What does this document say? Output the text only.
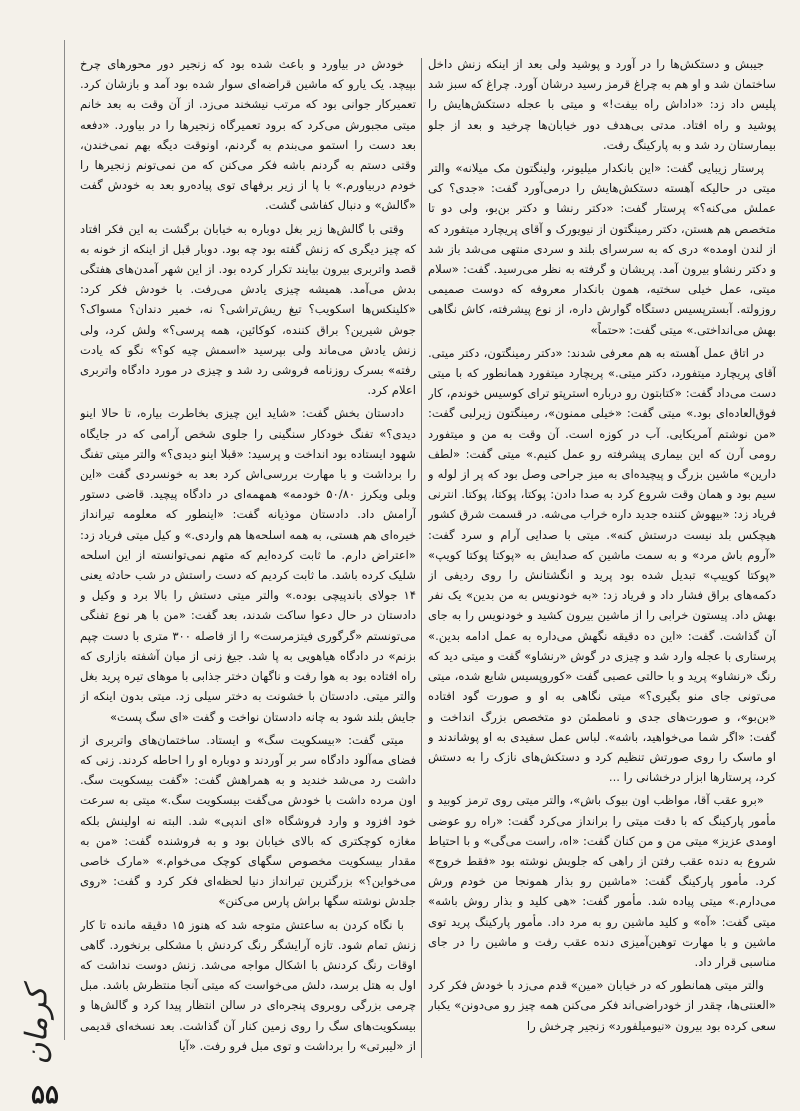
جیبش و دستکش‌ها را در آورد و پوشید ولی بعد از اینکه زنش داخل ساختمان شد و او هم به چراغ قرمز رسید درشان آورد. چراغ که سبز شد پلیس داد زد: «داداش راه بیفت!» و میتی با عجله دستکش‌هایش را پوشید و راه افتاد. مدتی بی‌هدف دور خیابان‌ها چرخید و بعد از جلو بیمارستان رد شد و به پارکینگ رفت.

پرستار زیبایی گفت: «این بانکدار میلیونر، ولینگتون مک میلانه» والتر میتی در حالیکه آهسته دستکش‌هایش را درمی‌آورد گفت: «جدی؟ کی عملش می‌کنه؟» پرستار گفت: «دکتر رنشا و دکتر بن‌بو، ولی دو تا متخصص هم هستن، دکتر رمینگتون از نیویورک و آقای پریچارد میتفورد که از لندن اومده» دری که به سرسرای بلند و سردی منتهی می‌شد باز شد و دکتر رنشاو بیرون آمد. پریشان و گرفته به نظر می‌رسید. گفت: «سلام میتی، عمل خیلی سختیه، همون بانکدار معروفه که دوست صمیمی روزولته. آبسترپسیس دستگاه گوارش داره، از نوع پیشرفته، کاش نگاهی بهش می‌انداختی.» میتی گفت: «حتماً»

در اتاق عمل آهسته به هم معرفی شدند: «دکتر رمینگتون، دکتر میتی. آقای پریچارد میتفورد، دکتر میتی.» پریچارد میتفورد همانطور که با میتی دست می‌داد گفت: «کتابتون رو درباره استرپتو ترای کوسیس خوندم، کار فوق‌العاده‌ای بود.» میتی گفت: «خیلی ممنون»، رمینگتون زیرلبی گفت: «من نوشتم آمریکایی. آب در کوزه است. آن وقت به من و میتفورد رومی آرن که این بیماری پیشرفته رو عمل کنیم.» میتی گفت: «لطف دارین» ماشین بزرگ و پیچیده‌ای به میز جراحی وصل بود که پر از لوله و سیم بود و همان وقت شروع کرد به صدا دادن: پوکتا، پوکتا، پوکتا. انترنی فریاد زد: «بیهوش کننده جدید داره خراب می‌شه. در قسمت شرق کشور هیچکس بلد نیست درستش کنه». میتی با صدایی آرام و سرد گفت: «آروم باش مرد» و به سمت ماشین که صدایش به «پوکتا پوکتا کویپ» «پوکتا کوییپ» تبدیل شده بود پرید و انگشتانش را روی ردیفی از دکمه‌های براق فشار داد و فریاد زد: «به خودنویس به من بدین» یک نفر بهش داد. پیستون خرابی را از ماشین بیرون کشید و خودنویس را به جای آن گذاشت. گفت: «این ده دقیقه نگهش می‌داره به عمل ادامه بدین.» پرستاری با عجله وارد شد و چیزی در گوش «رنشاو» گفت و میتی دید که رنگ «رنشاو» پرید و با حالتی عصبی گفت «کوروپسیس شایع شده، میتی می‌تونی جای منو بگیری؟» میتی نگاهی به او و صورت گود افتاده «بن‌بو»، و صورت‌های جدی و نامطمئن دو متخصص بزرگ انداخت و گفت: «اگر شما می‌خواهید، باشه». لباس عمل سفیدی به او پوشاندند و او ماسک را روی صورتش تنظیم کرد و دستکش‌های نازک را به دستش کرد، پرستارها ابزار درخشانی را ...

«برو عقب آقا، مواظب اون بیوک باش»، والتر میتی روی ترمز کوبید و مأمور پارکینگ که با دقت میتی را برانداز می‌کرد گفت: «راه رو عوضی اومدی عزیز» میتی من و من کنان گفت: «اه، راست می‌گی» و با احتیاط شروع به دنده عقب رفتن از راهی که جلویش نوشته بود «فقط خروج» کرد. مأمور پارکینگ گفت: «ماشین رو بذار همونجا من خودم ورش می‌دارم.» میتی پیاده شد. مأمور گفت: «هی کلید و بذار روش باشه» میتی گفت: «آه» و کلید ماشین رو به مرد داد. مأمور پارکینگ پرید توی ماشین و با مهارت توهین‌آمیزی دنده عقب رفت و ماشین را در جای مناسبی قرار داد.

والتر میتی همانطور که در خیابان «مین» قدم می‌زد با خودش فکر کرد «العنتی‌ها، چقدر از خودراضی‌اند فکر می‌کنن همه چیز رو می‌دونن» یکبار سعی کرده بود بیرون «نیومیلفورد» زنجیر چرخش را

خودش در بیاورد و باعث شده بود که زنجیر دور محورهای چرخ بپیچد. یک یارو که ماشین قراضه‌ای سوار شده بود آمد و بازشان کرد. تعمیرکار جوانی بود که مرتب نیشخند می‌زد. از آن وقت به بعد خانم میتی مجبورش می‌کرد که برود تعمیرگاه زنجیرها را در بیاورد. «دفعه بعد دست را استمو می‌بندم به گردنم، اونوقت دیگه بهم نمی‌خندن، وقتی دستم به گردنم باشه فکر می‌کنن که من نمی‌تونم زنجیرها را خودم دربیاورم.» با پا از زیر برفهای توی پیاده‌رو بعد به خودش گفت «گالش» و دنبال کفاشی گشت.

وقتی با گالش‌ها زیر بغل دوباره به خیابان برگشت به این فکر افتاد که چیز دیگری که زنش گفته بود چه بود. دوبار قبل از اینکه از خونه به قصد واتربری بیرون بیایند تکرار کرده بود. از این شهر آمدن‌های هفتگی بدش می‌آمد. همیشه چیزی یادش می‌رفت. با خودش فکر کرد: «کلینکس‌ها اسکویب؟ تیغ ریش‌تراشی؟ نه، خمیر دندان؟ مسواک؟ جوش شیرین؟ براق کننده، کوکائین، همه پرسی؟» ولش کرد، ولی زنش یادش می‌ماند ولی بپرسید «اسمش چیه کو؟» نگو که یادت رفته» بسرک روزنامه فروشی رد شد و چیزی در مورد دادگاه واتربری اعلام کرد.

دادستان بخش گفت: «شاید این چیزی بخاطرت بیاره، تا حالا اینو دیدی؟» تفنگ خودکار سنگینی را جلوی شخص آرامی که در جایگاه شهود ایستاده بود انداخت و پرسید: «قبلا اینو دیدی؟» والتر میتی تفنگ را برداشت و با مهارت بررسی‌اش کرد بعد به خونسردی گفت «این وبلی ویکرز ۵۰/۸۰ خودمه» همهمه‌ای در دادگاه پیچید. قاضی دستور آرامش داد. دادستان موذیانه گفت: «اینطور که معلومه تیرانداز خیره‌ای هم هستی، به همه اسلحه‌ها هم واردی.» و کیل میتی فریاد زد: «اعتراض دارم. ما ثابت کرده‌ایم که متهم نمی‌توانسته از این اسلحه شلیک کرده باشد. ما ثابت کردیم که دست راستش در شب حادثه یعنی ۱۴ جولای باندپیچی بوده.» والتر میتی دستش را بالا برد و وکیل و دادستان در حال دعوا ساکت شدند، بعد گفت: «من با هر نوع تفنگی می‌تونستم «گرگوری فیتزمرست» را از فاصله ۳۰۰ متری با دست چپم بزنم» در دادگاه هیاهویی به پا شد. جیغ زنی از میان آشفته بازاری که راه افتاده بود به هوا رفت و ناگهان دختر جذابی با موهای تیره پرید بغل والتر میتی. دادستان با خشونت به دختر سیلی زد. میتی بدون اینکه از جایش بلند شود به چانه دادستان نواخت و گفت «ای سگ پست»

میتی گفت: «بیسکویت سگ» و ایستاد. ساختمان‌های واتربری از فضای مه‌آلود دادگاه سر بر آوردند و دوباره او را احاطه کردند. زنی که داشت رد می‌شد خندید و به همراهش گفت: «گفت بیسکویت سگ. اون مرده داشت با خودش می‌گفت بیسکویت سگ.» میتی به سرعت خود افزود و وارد فروشگاه «ای اندپی» شد. البته نه اولینش بلکه مغازه کوچکتری که بالای خیابان بود و به فروشنده گفت: «من به مقدار بیسکویت مخصوص سگهای کوچک می‌خوام.» «مارک خاصی می‌خواین؟» بزرگترین تیرانداز دنیا لحظه‌ای فکر کرد و گفت: «روی جلدش نوشته سگها براش پارس می‌کنن»

با نگاه کردن به ساعتش متوجه شد که هنوز ۱۵ دقیقه مانده تا کار زنش تمام شود. تازه آرایشگر رنگ کردنش با مشکلی برنخورد. گاهی اوقات رنگ کردنش با اشکال مواجه می‌شد. زنش دوست نداشت که اول به هتل برسد، دلش می‌خواست که میتی آنجا منتظرش باشد. مبل چرمی بزرگی روبروی پنجره‌ای در سالن انتظار پیدا کرد و گالش‌ها و بیسکویت‌های سگ را روی زمین کنار آن گذاشت. بعد نسخه‌ای قدیمی از «لیبرتی» را برداشت و توی مبل فرو رفت. «آیا

کرمان
۵۵
